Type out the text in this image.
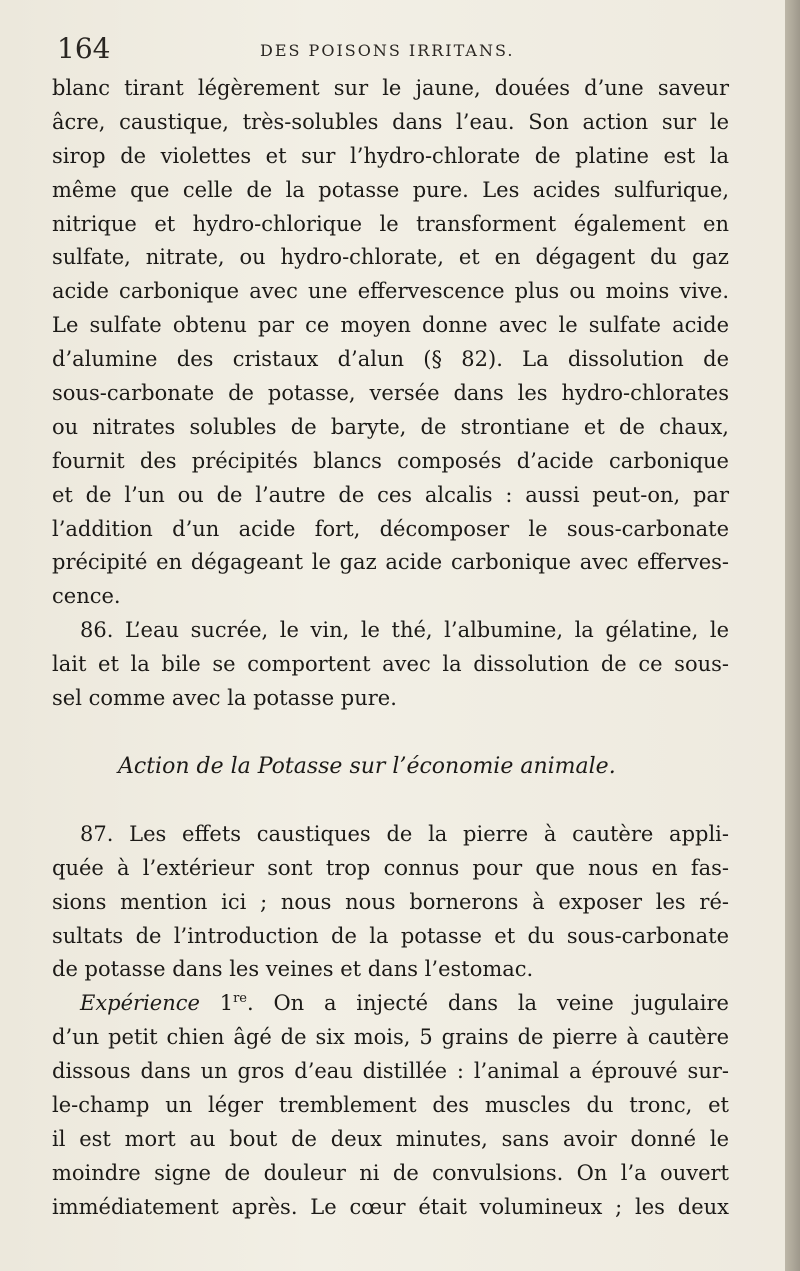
164	DES POISONS IRRITANS.
blanc tirant légèrement sur le jaune, douées d’une saveur
âcre, caustique, très-solubles dans l’eau. Son action sur le
sirop de violettes et sur l’hydro-chlorate de platine est la
même que celle de la potasse pure. Les acides sulfurique,
nitrique et hydro-chlorique le transforment également en
sulfate, nitrate, ou hydro-chlorate, et en dégagent du gaz
acide carbonique avec une effervescence plus ou moins vive.
Le sulfate obtenu par ce moyen donne avec le sulfate acide
d’alumine des cristaux d’alun (§ 82). La dissolution de
sous-carbonate de potasse, versée dans les hydro-chlorates
ou nitrates solubles de baryte, de strontiane et de chaux,
fournit des précipités blancs composés d’acide carbonique
et de l’un ou de l’autre de ces alcalis : aussi peut-on, par
l’addition d’un acide fort, décomposer le sous-carbonate
précipité en dégageant le gaz acide carbonique avec efferves-
cence.
86. L’eau sucrée, le vin, le thé, l’albumine, la gélatine, le
lait et la bile se comportent avec la dissolution de ce sous-
sel comme avec la potasse pure.
Action de la Potasse sur l’économie animale.
87. Les effets caustiques de la pierre à cautère appli-
quée à l’extérieur sont trop connus pour que nous en fas-
sions mention ici ; nous nous bornerons à exposer les ré-
sultats de l’introduction de la potasse et du sous-carbonate
de potasse dans les veines et dans l’estomac.
Expérience 1re. On a injecté dans la veine jugulaire
d’un petit chien âgé de six mois, 5 grains de pierre à cautère
dissous dans un gros d’eau distillée : l’animal a éprouvé sur-
le-champ un léger tremblement des muscles du tronc, et
il est mort au bout de deux minutes, sans avoir donné le
moindre signe de douleur ni de convulsions. On l’a ouvert
immédiatement après. Le cœur était volumineux ; les deux
